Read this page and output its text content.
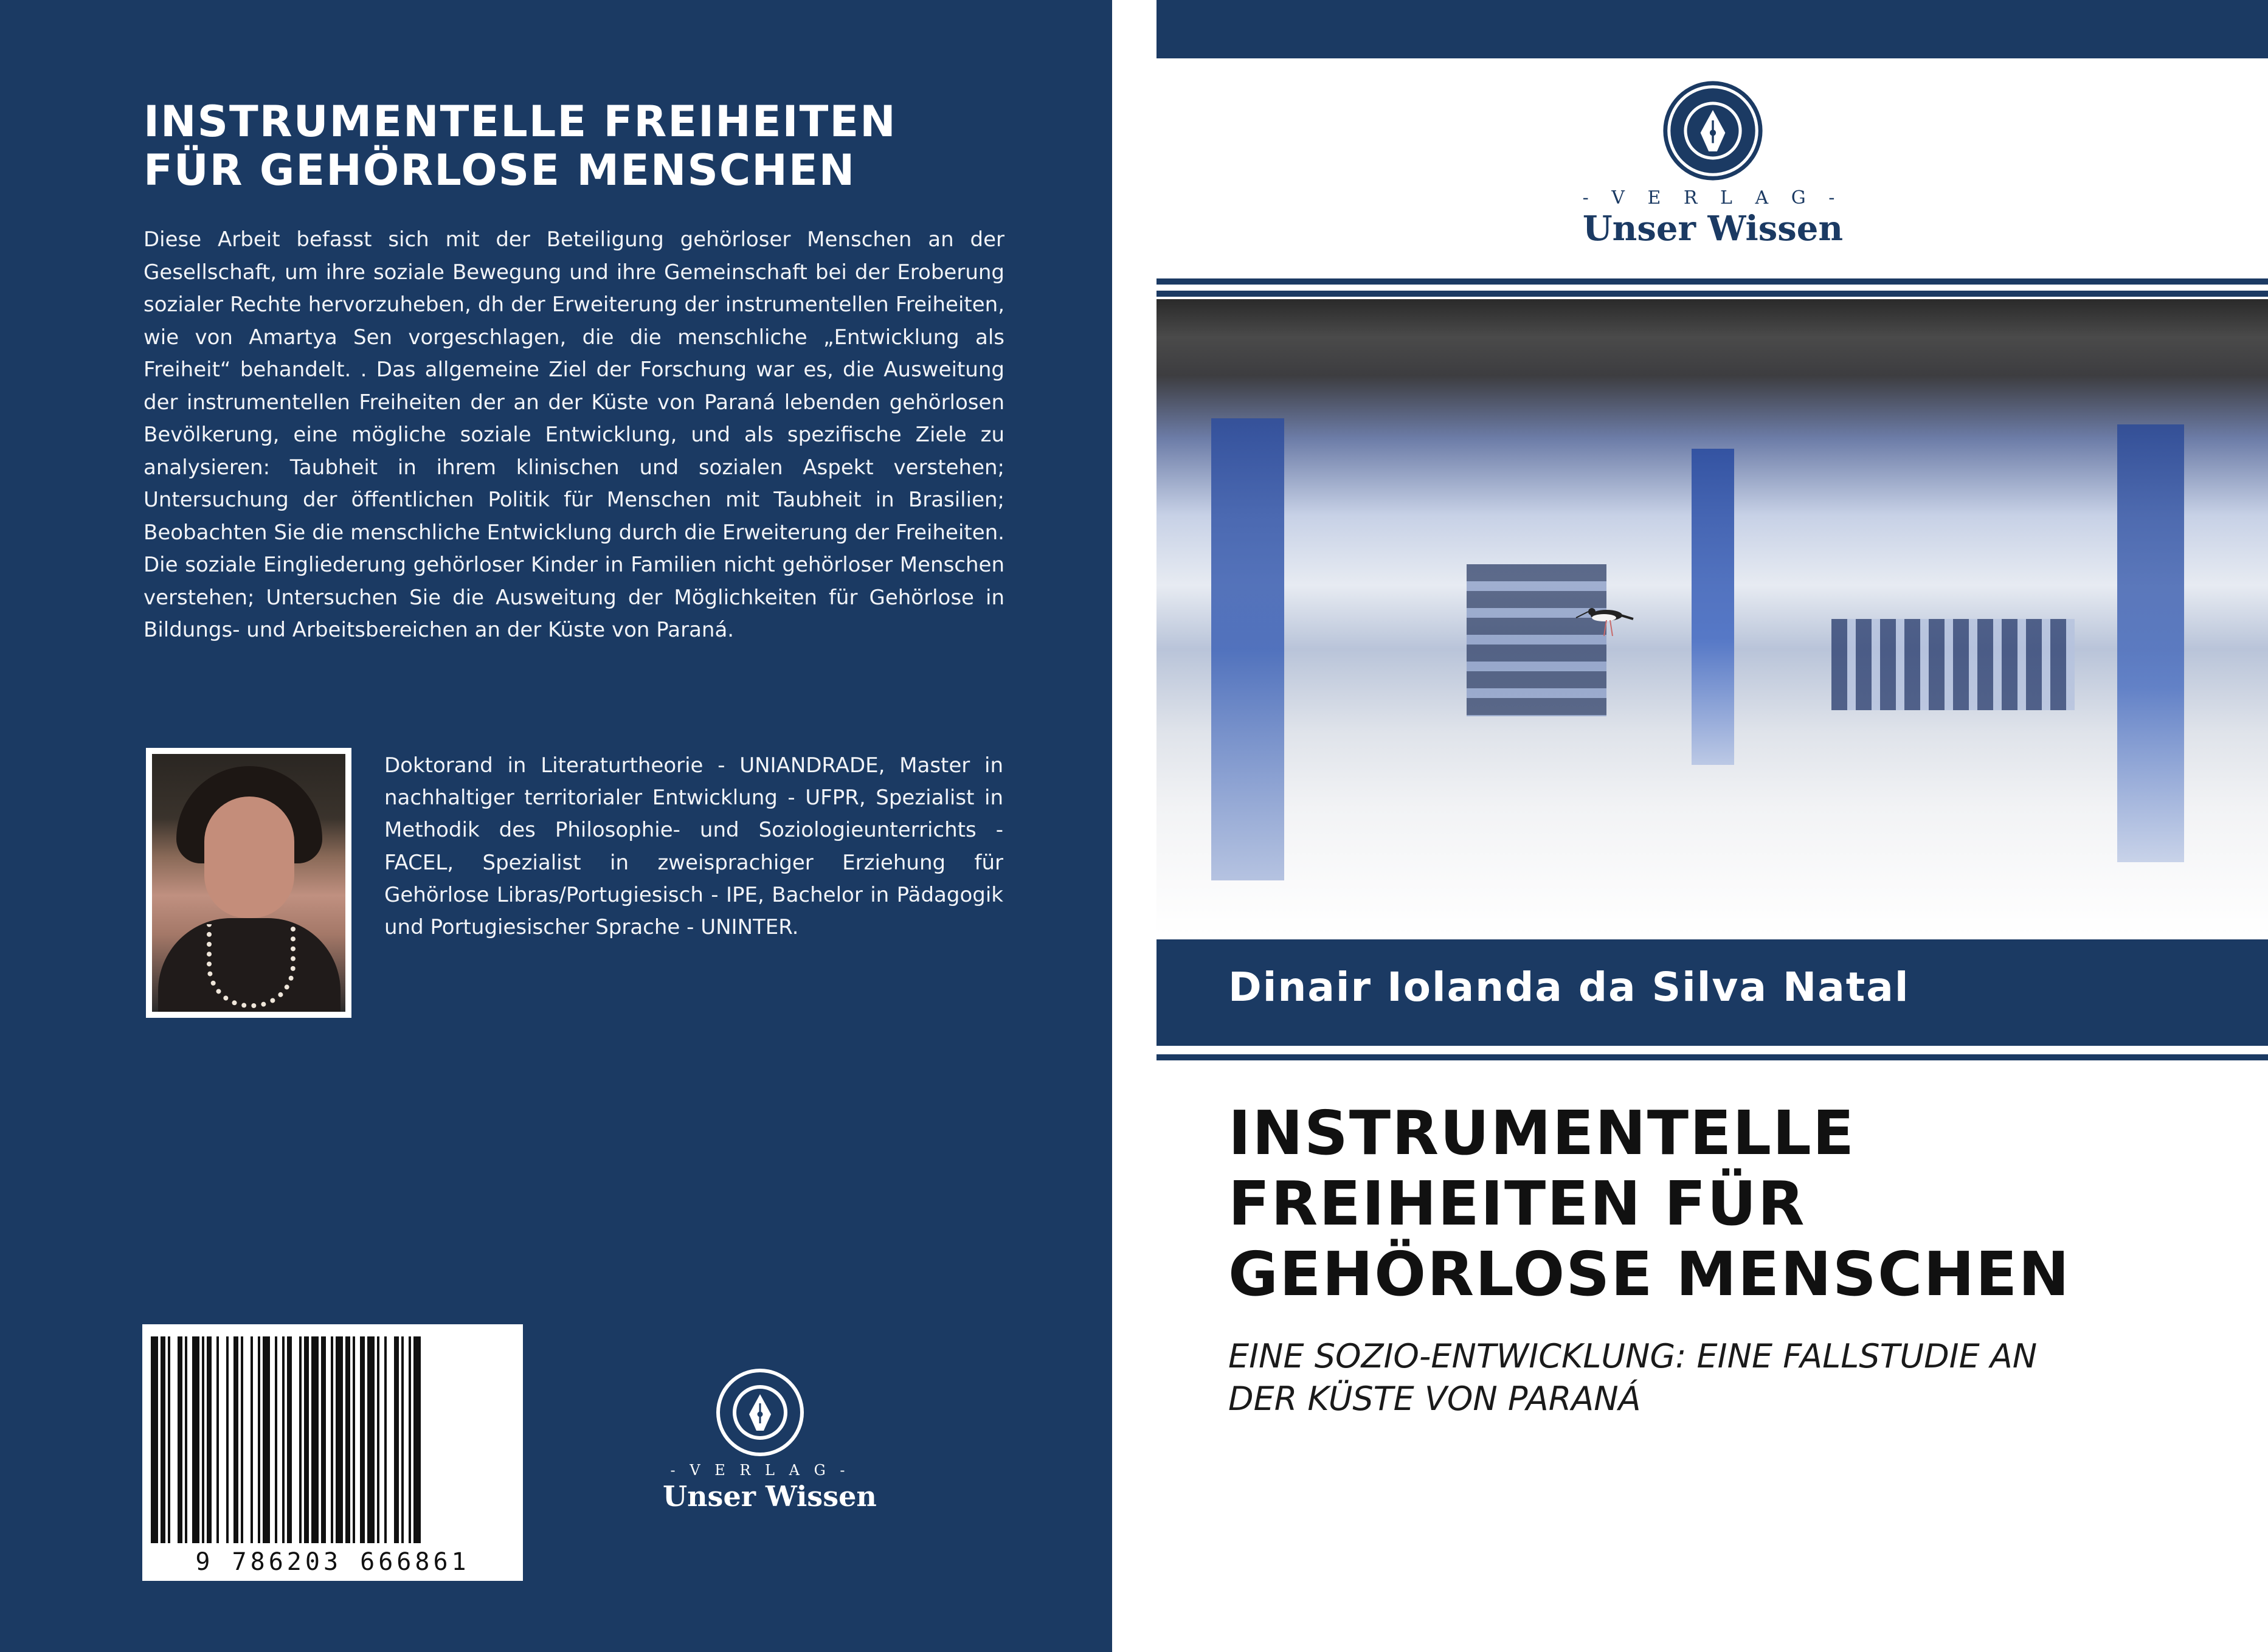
INSTRUMENTELLE FREIHEITEN
FÜR GEHÖRLOSE MENSCHEN
Diese Arbeit befasst sich mit der Beteiligung gehörloser Menschen an der Gesellschaft, um ihre soziale Bewegung und ihre Gemeinschaft bei der Eroberung sozialer Rechte hervorzuheben, dh der Erweiterung der instrumentellen Freiheiten, wie von Amartya Sen vorgeschlagen, die die menschliche „Entwicklung als Freiheit“ behandelt. . Das allgemeine Ziel der Forschung war es, die Ausweitung der instrumentellen Freiheiten der an der Küste von Paraná lebenden gehörlosen Bevölkerung, eine mögliche soziale Entwicklung, und als spezifische Ziele zu analysieren: Taubheit in ihrem klinischen und sozialen Aspekt verstehen; Untersuchung der öffentlichen Politik für Menschen mit Taubheit in Brasilien; Beobachten Sie die menschliche Entwicklung durch die Erweiterung der Freiheiten. Die soziale Eingliederung gehörloser Kinder in Familien nicht gehörloser Menschen verstehen; Untersuchen Sie die Ausweitung der Möglichkeiten für Gehörlose in Bildungs- und Arbeitsbereichen an der Küste von Paraná.
Doktorand in Literaturtheorie - UNIANDRADE, Master in nachhaltiger territorialer Entwicklung - UFPR, Spezialist in Methodik des Philosophie- und Soziologieunterrichts - FACEL, Spezialist in zweisprachiger Erziehung für Gehörlose Libras/Portugiesisch - IPE, Bachelor in Pädagogik und Portugiesischer Sprache - UNINTER.
9 786203 666861
- V E R L A G -
Unser Wissen
- V E R L A G -
Unser Wissen
Dinair Iolanda da Silva Natal
INSTRUMENTELLE
FREIHEITEN FÜR
GEHÖRLOSE MENSCHEN
EINE SOZIO-ENTWICKLUNG: EINE FALLSTUDIE AN
DER KÜSTE VON PARANÁ
